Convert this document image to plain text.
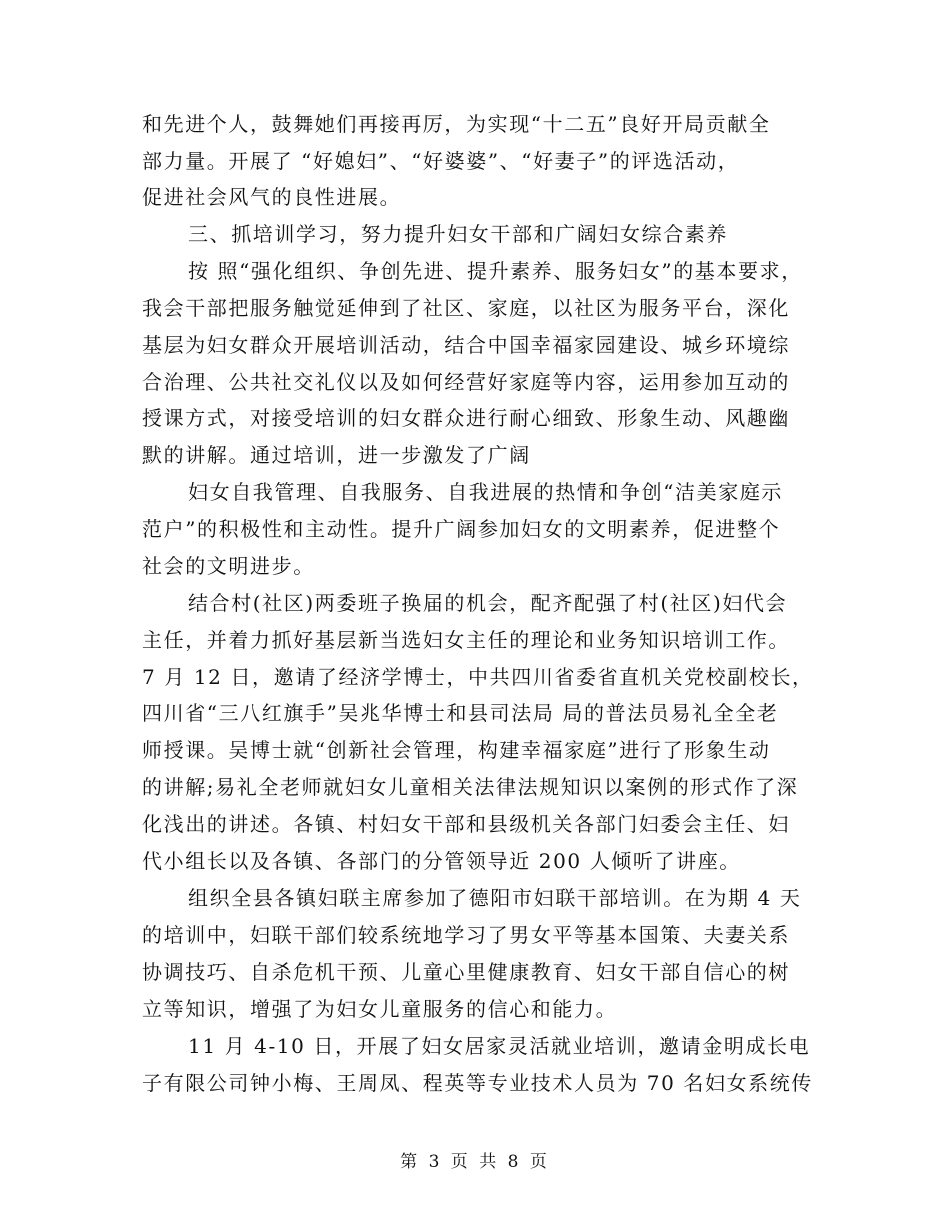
和先进个人，鼓舞她们再接再厉，为实现“十二五”良好开局贡献全
部力量。开展了 “好媳妇”、“好婆婆”、“好妻子”的评选活动，
促进社会风气的良性进展。
三、抓培训学习，努力提升妇女干部和广阔妇女综合素养
按 照“强化组织、争创先进、提升素养、服务妇女”的基本要求，
我会干部把服务触觉延伸到了社区、家庭，以社区为服务平台，深化
基层为妇女群众开展培训活动，结合中国幸福家园建设、城乡环境综
合治理、公共社交礼仪以及如何经营好家庭等内容，运用参加互动的
授课方式，对接受培训的妇女群众进行耐心细致、形象生动、风趣幽
默的讲解。通过培训，进一步激发了广阔
妇女自我管理、自我服务、自我进展的热情和争创“洁美家庭示
范户”的积极性和主动性。提升广阔参加妇女的文明素养，促进整个
社会的文明进步。
结合村(社区)两委班子换届的机会，配齐配强了村(社区)妇代会
主任，并着力抓好基层新当选妇女主任的理论和业务知识培训工作。
7 月 12 日，邀请了经济学博士，中共四川省委省直机关党校副校长，
四川省“三八红旗手”吴兆华博士和县司法局 局的普法员易礼全全老
师授课。吴博士就“创新社会管理，构建幸福家庭”进行了形象生动
的讲解;易礼全老师就妇女儿童相关法律法规知识以案例的形式作了深
化浅出的讲述。各镇、村妇女干部和县级机关各部门妇委会主任、妇
代小组长以及各镇、各部门的分管领导近 200 人倾听了讲座。
组织全县各镇妇联主席参加了德阳市妇联干部培训。在为期 4 天
的培训中，妇联干部们较系统地学习了男女平等基本国策、夫妻关系
协调技巧、自杀危机干预、儿童心里健康教育、妇女干部自信心的树
立等知识，增强了为妇女儿童服务的信心和能力。
11 月 4-10 日，开展了妇女居家灵活就业培训，邀请金明成长电
子有限公司钟小梅、王周凤、程英等专业技术人员为 70 名妇女系统传
第 3 页 共 8 页
